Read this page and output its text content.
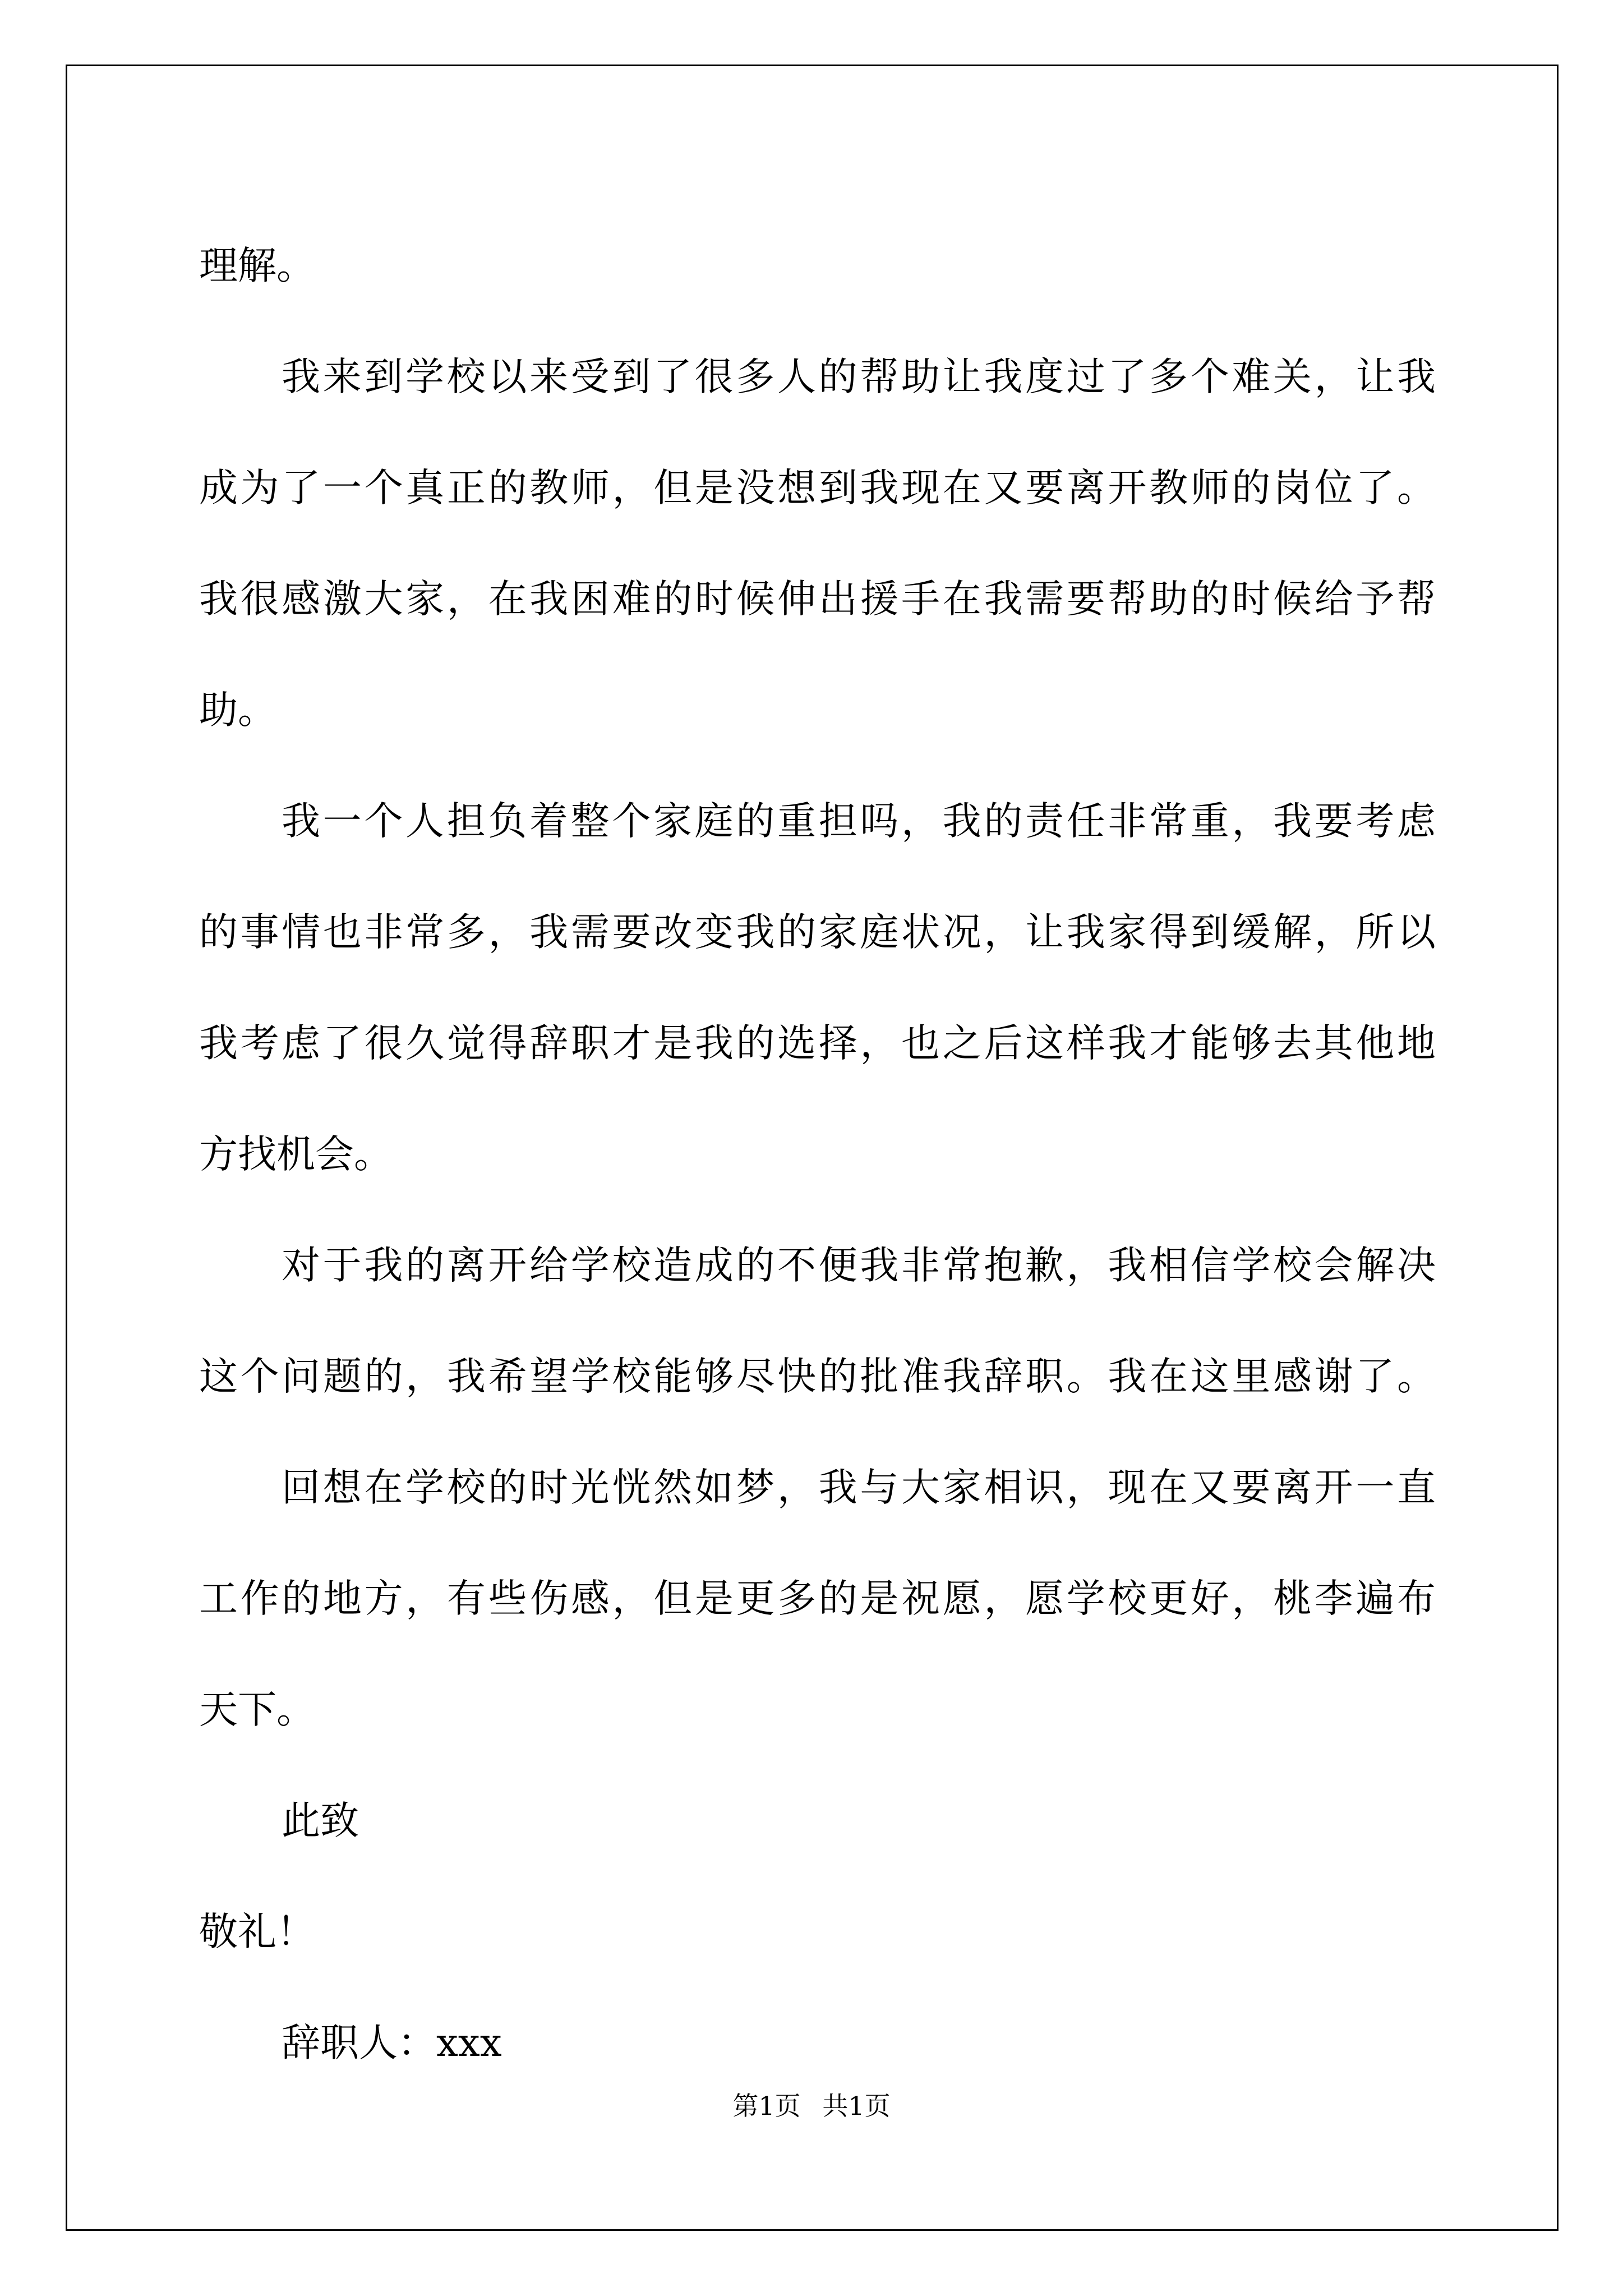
理解。
我来到学校以来受到了很多人的帮助让我度过了多个难关，让我
成为了一个真正的教师，但是没想到我现在又要离开教师的岗位了。
我很感激大家，在我困难的时候伸出援手在我需要帮助的时候给予帮
助。
我一个人担负着整个家庭的重担吗，我的责任非常重，我要考虑
的事情也非常多，我需要改变我的家庭状况，让我家得到缓解，所以
我考虑了很久觉得辞职才是我的选择，也之后这样我才能够去其他地
方找机会。
对于我的离开给学校造成的不便我非常抱歉，我相信学校会解决
这个问题的，我希望学校能够尽快的批准我辞职。我在这里感谢了。
回想在学校的时光恍然如梦，我与大家相识，现在又要离开一直
工作的地方，有些伤感，但是更多的是祝愿，愿学校更好，桃李遍布
天下。
此致
敬礼！
辞职人：xxx
第1页 共1页
